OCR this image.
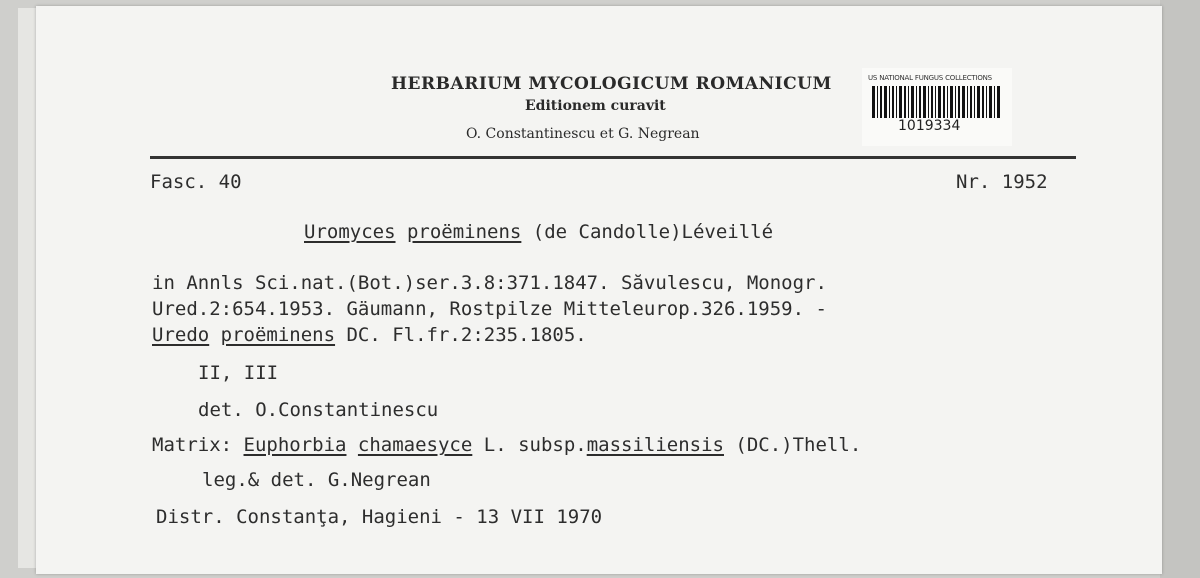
HERBARIUM MYCOLOGICUM ROMANICUM
Editionem curavit
O. Constantinescu et G. Negrean
US NATIONAL FUNGUS COLLECTIONS
1019334
Fasc. 40	Nr. 1952
Uromyces proëminens (de Candolle)Léveillé
in Annls Sci.nat.(Bot.)ser.3.8:371.1847. Săvulescu, Monogr.
Ured.2:654.1953. Gäumann, Rostpilze Mitteleurop.326.1959. -
Uredo proëminens DC. Fl.fr.2:235.1805.
II, III
det. O.Constantinescu
Matrix: Euphorbia chamaesyce L. subsp.massiliensis (DC.)Thell.
leg.& det. G.Negrean
Distr. Constanţa, Hagieni - 13 VII 1970
